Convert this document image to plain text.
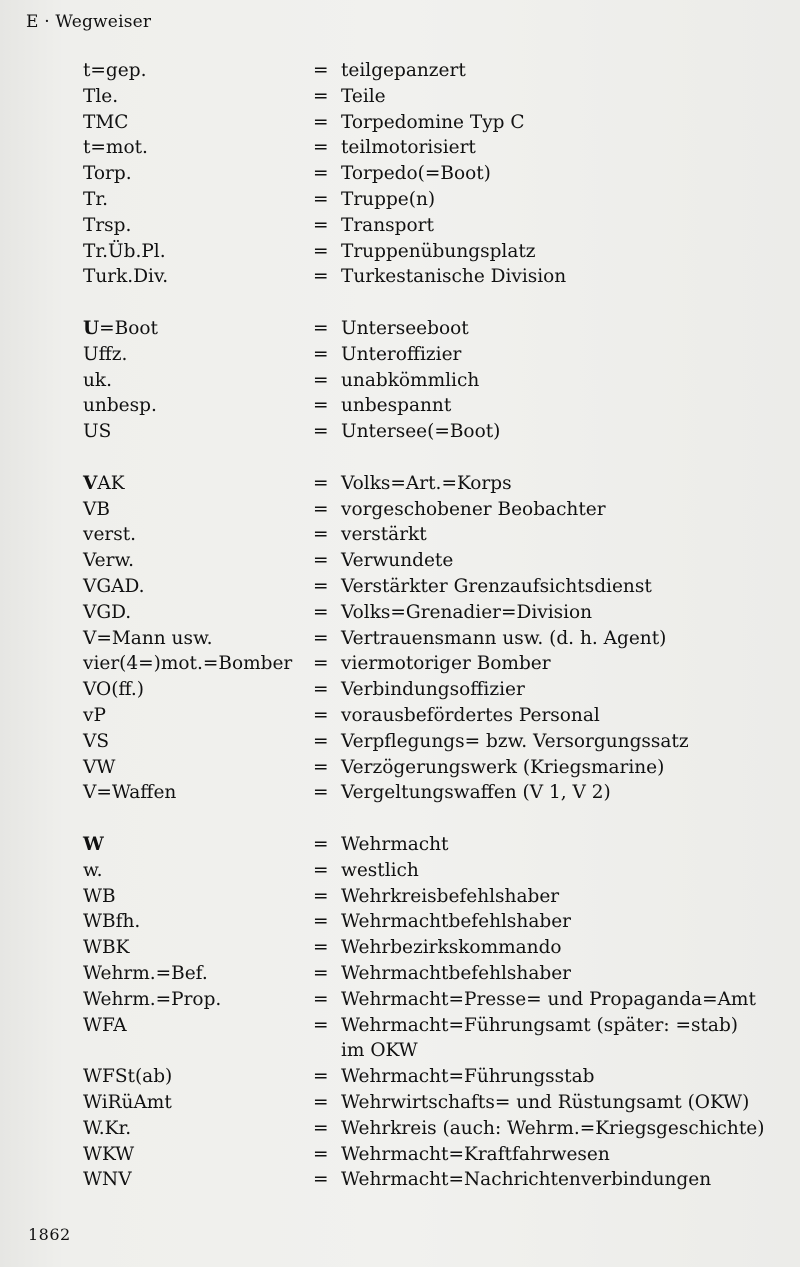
E · Wegweiser
t=gep.	= teilgepanzert
Tle.	= Teile
TMC	= Torpedomine Typ C
t=mot.	= teilmotorisiert
Torp.	= Torpedo(=Boot)
Tr.	= Truppe(n)
Trsp.	= Transport
Tr.Üb.Pl.	= Truppenübungsplatz
Turk.Div.	= Turkestanische Division
U=Boot	= Unterseeboot
Uffz.	= Unteroffizier
uk.	= unabkömmlich
unbesp.	= unbespannt
US	= Untersee(=Boot)
VAK	= Volks=Art.=Korps
VB	= vorgeschobener Beobachter
verst.	= verstärkt
Verw.	= Verwundete
VGAD.	= Verstärkter Grenzaufsichtsdienst
VGD.	= Volks=Grenadier=Division
V=Mann usw.	= Vertrauensmann usw. (d. h. Agent)
vier(4=)mot.=Bomber = viermotoriger Bomber
VO(ff.)	= Verbindungsoffizier
vP	= vorausbefördertes Personal
VS	= Verpflegungs= bzw. Versorgungssatz
VW	= Verzögerungswerk (Kriegsmarine)
V=Waffen	= Vergeltungswaffen (V 1, V 2)
W	= Wehrmacht
w.	= westlich
WB	= Wehrkreisbefehlshaber
WBfh.	= Wehrmachtbefehlshaber
WBK	= Wehrbezirkskommando
Wehrm.=Bef.	= Wehrmachtbefehlshaber
Wehrm.=Prop.	= Wehrmacht=Presse= und Propaganda=Amt
WFA	= Wehrmacht=Führungsamt (später: =stab)
im OKW
WFSt(ab)	= Wehrmacht=Führungsstab
WiRüAmt	= Wehrwirtschafts= und Rüstungsamt (OKW)
W.Kr.	= Wehrkreis (auch: Wehrm.=Kriegsgeschichte)
WKW	= Wehrmacht=Kraftfahrwesen
WNV	= Wehrmacht=Nachrichtenverbindungen
1862
